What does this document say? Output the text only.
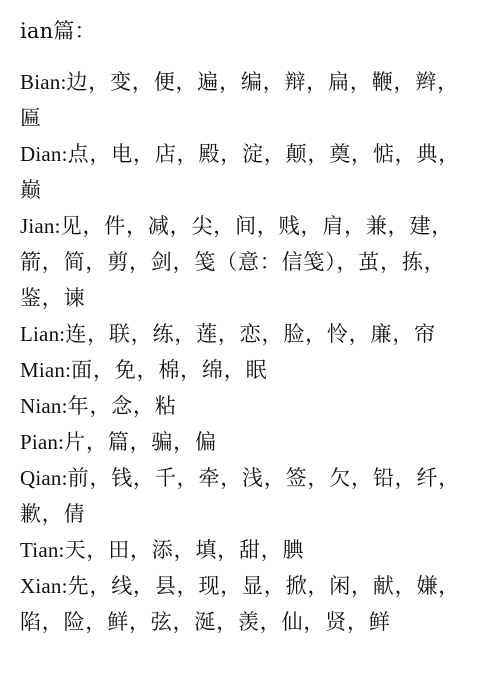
ian篇：
Bian:边，变，便，遍，编，辩，扁，鞭，辫，
匾
Dian:点，电，店，殿，淀，颠，奠，惦，典，
巅
Jian:见，件，减，尖，间，贱，肩，兼，建，
箭，简，剪，剑，笺（意：信笺），茧，拣，
鉴，谏
Lian:连，联，练，莲，恋，脸，怜，廉，帘
Mian:面，免，棉，绵，眠
Nian:年，念，粘
Pian:片，篇，骗，偏
Qian:前，钱，千，牵，浅，签，欠，铅，纤，
歉，倩
Tian:天，田，添，填，甜，腆
Xian:先，线，县，现，显，掀，闲，献，嫌，
陷，险，鲜，弦，涎，羡，仙，贤，鲜
